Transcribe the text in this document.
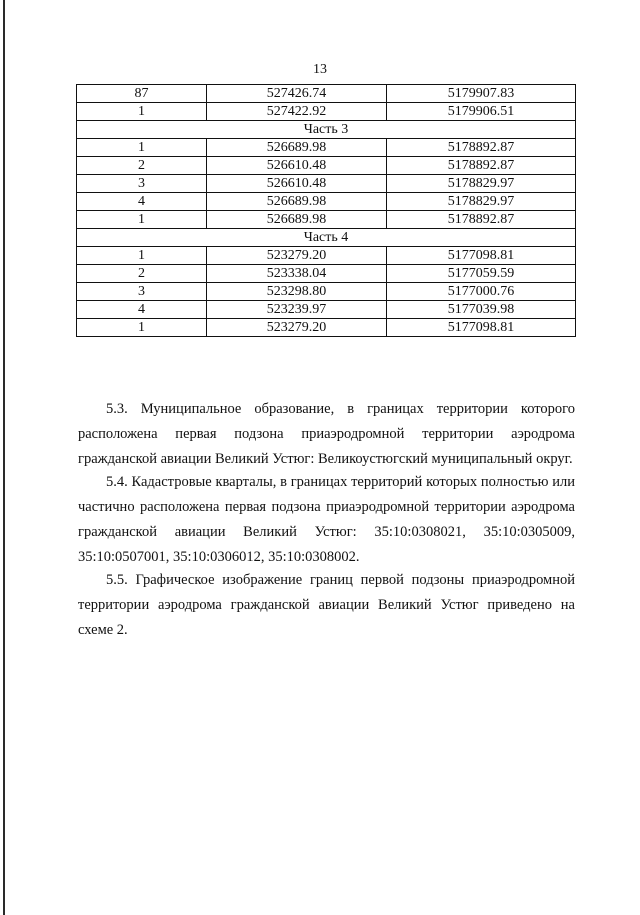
13
87	527426.74	5179907.83
1	527422.92	5179906.51
Часть 3		
1	526689.98	5178892.87
2	526610.48	5178892.87
3	526610.48	5178829.97
4	526689.98	5178829.97
1	526689.98	5178892.87
Часть 4		
1	523279.20	5177098.81
2	523338.04	5177059.59
3	523298.80	5177000.76
4	523239.97	5177039.98
1	523279.20	5177098.81

5.3. Муниципальное образование, в границах территории которого расположена первая подзона приаэродромной территории аэродрома гражданской авиации Великий Устюг: Великоустюгский муниципальный округ.

5.4. Кадастровые кварталы, в границах территорий которых полностью или частично расположена первая подзона приаэродромной территории аэродрома гражданской авиации Великий Устюг: 35:10:0308021, 35:10:0305009, 35:10:0507001, 35:10:0306012, 35:10:0308002.

5.5. Графическое изображение границ первой подзоны приаэродромной территории аэродрома гражданской авиации Великий Устюг приведено на схеме 2.
